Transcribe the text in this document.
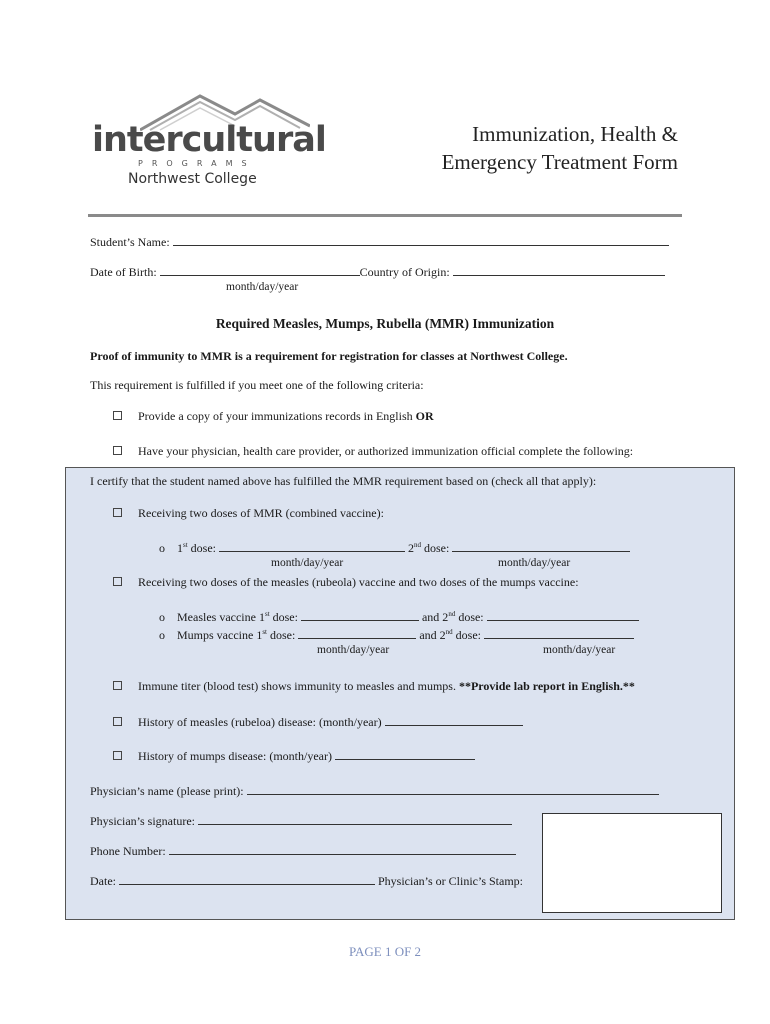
intercultural
PROGRAMS
Northwest College
Immunization, Health &
Emergency Treatment Form
Student’s Name:
Date of Birth:	Country of Origin:
month/day/year
Required Measles, Mumps, Rubella (MMR) Immunization
Proof of immunity to MMR is a requirement for registration for classes at Northwest College.
This requirement is fulfilled if you meet one of the following criteria:
Provide a copy of your immunizations records in English OR
Have your physician, health care provider, or authorized immunization official complete the following:
I certify that the student named above has fulfilled the MMR requirement based on (check all that apply):
Receiving two doses of MMR (combined vaccine):
o 1st dose:	2nd dose:
month/day/year	month/day/year
Receiving two doses of the measles (rubeola) vaccine and two doses of the mumps vaccine:
o Measles vaccine 1st dose:	and 2nd dose:
o Mumps vaccine 1st dose:	and 2nd dose:
month/day/year	month/day/year
Immune titer (blood test) shows immunity to measles and mumps. **Provide lab report in English.**
History of measles (rubeloa) disease: (month/year)
History of mumps disease: (month/year)
Physician’s name (please print):
Physician’s signature:
Phone Number:
Date:	Physician’s or Clinic’s Stamp:
PAGE 1 OF 2
